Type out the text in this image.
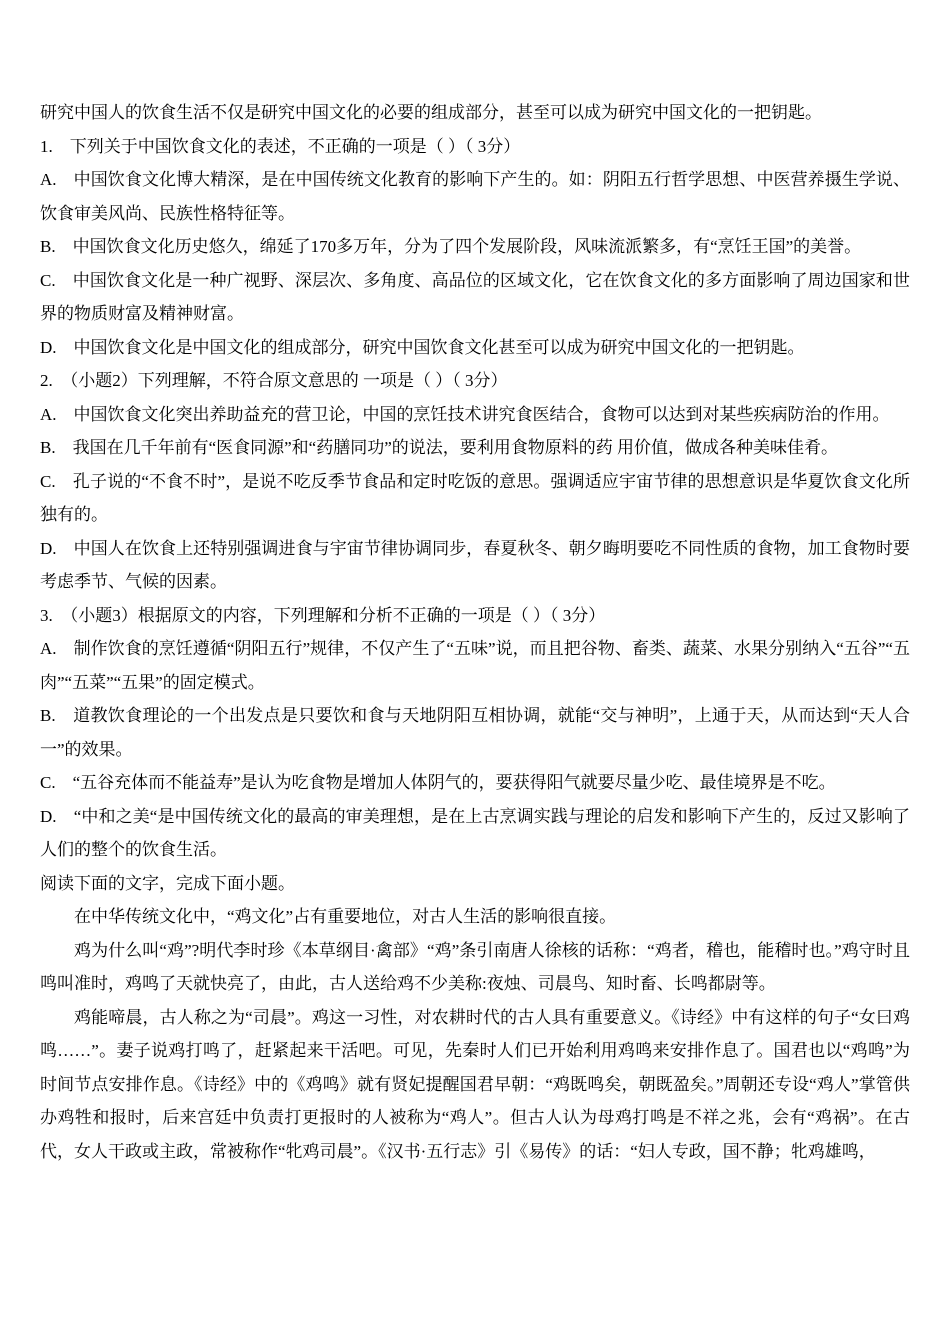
研究中国人的饮食生活不仅是研究中国文化的必要的组成部分，甚至可以成为研究中国文化的一把钥匙。

1.　下列关于中国饮食文化的表述，不正确的一项是（ ）（ 3分）

A.　中国饮食文化博大精深，是在中国传统文化教育的影响下产生的。如：阴阳五行哲学思想、中医营养摄生学说、饮食审美风尚、民族性格特征等。

B.　中国饮食文化历史悠久，绵延了170多万年，分为了四个发展阶段，风味流派繁多，有“烹饪王国”的美誉。

C.　中国饮食文化是一种广视野、深层次、多角度、高品位的区域文化，它在饮食文化的多方面影响了周边国家和世界的物质财富及精神财富。

D.　中国饮食文化是中国文化的组成部分，研究中国饮食文化甚至可以成为研究中国文化的一把钥匙。

2.　（小题2）下列理解，不符合原文意思的 一项是（ ）（ 3分）

A.　中国饮食文化突出养助益充的营卫论，中国的烹饪技术讲究食医结合，食物可以达到对某些疾病防治的作用。

B.　我国在几千年前有“医食同源”和“药膳同功”的说法，要利用食物原料的药 用价值，做成各种美味佳肴。

C.　孔子说的“不食不时”，是说不吃反季节食品和定时吃饭的意思。强调适应宇宙节律的思想意识是华夏饮食文化所独有的。

D.　中国人在饮食上还特别强调进食与宇宙节律协调同步，春夏秋冬、朝夕晦明要吃不同性质的食物，加工食物时要考虑季节、气候的因素。

3.　（小题3）根据原文的内容，下列理解和分析不正确的一项是（ ）（ 3分）

A.　制作饮食的烹饪遵循“阴阳五行”规律，不仅产生了“五味”说，而且把谷物、畜类、蔬菜、水果分别纳入“五谷”“五肉”“五菜”“五果”的固定模式。

B.　道教饮食理论的一个出发点是只要饮和食与天地阴阳互相协调，就能“交与神明”，上通于天，从而达到“天人合一”的效果。

C.　“五谷充体而不能益寿”是认为吃食物是增加人体阴气的，要获得阳气就要尽量少吃、最佳境界是不吃。

D.　“中和之美“是中国传统文化的最高的审美理想，是在上古烹调实践与理论的启发和影响下产生的，反过又影响了人们的整个的饮食生活。

阅读下面的文字，完成下面小题。

在中华传统文化中，“鸡文化”占有重要地位，对古人生活的影响很直接。

鸡为什么叫“鸡”?明代李时珍《本草纲目·禽部》“鸡”条引南唐人徐核的话称：“鸡者，稽也，能稽时也。”鸡守时且鸣叫准时，鸡鸣了天就快亮了，由此，古人送给鸡不少美称:夜烛、司晨鸟、知时畜、长鸣都尉等。

鸡能啼晨，古人称之为“司晨”。鸡这一习性，对农耕时代的古人具有重要意义。《诗经》中有这样的句子“女曰鸡鸣……”。妻子说鸡打鸣了，赶紧起来干活吧。可见，先秦时人们已开始利用鸡鸣来安排作息了。国君也以“鸡鸣”为时间节点安排作息。《诗经》中的《鸡鸣》就有贤妃提醒国君早朝：“鸡既鸣矣，朝既盈矣。”周朝还专设“鸡人”掌管供办鸡牲和报时，后来宫廷中负责打更报时的人被称为“鸡人”。但古人认为母鸡打鸣是不祥之兆，会有“鸡祸”。在古代，女人干政或主政，常被称作“牝鸡司晨”。《汉书·五行志》引《易传》的话：“妇人专政，国不静；牝鸡雄鸣，
